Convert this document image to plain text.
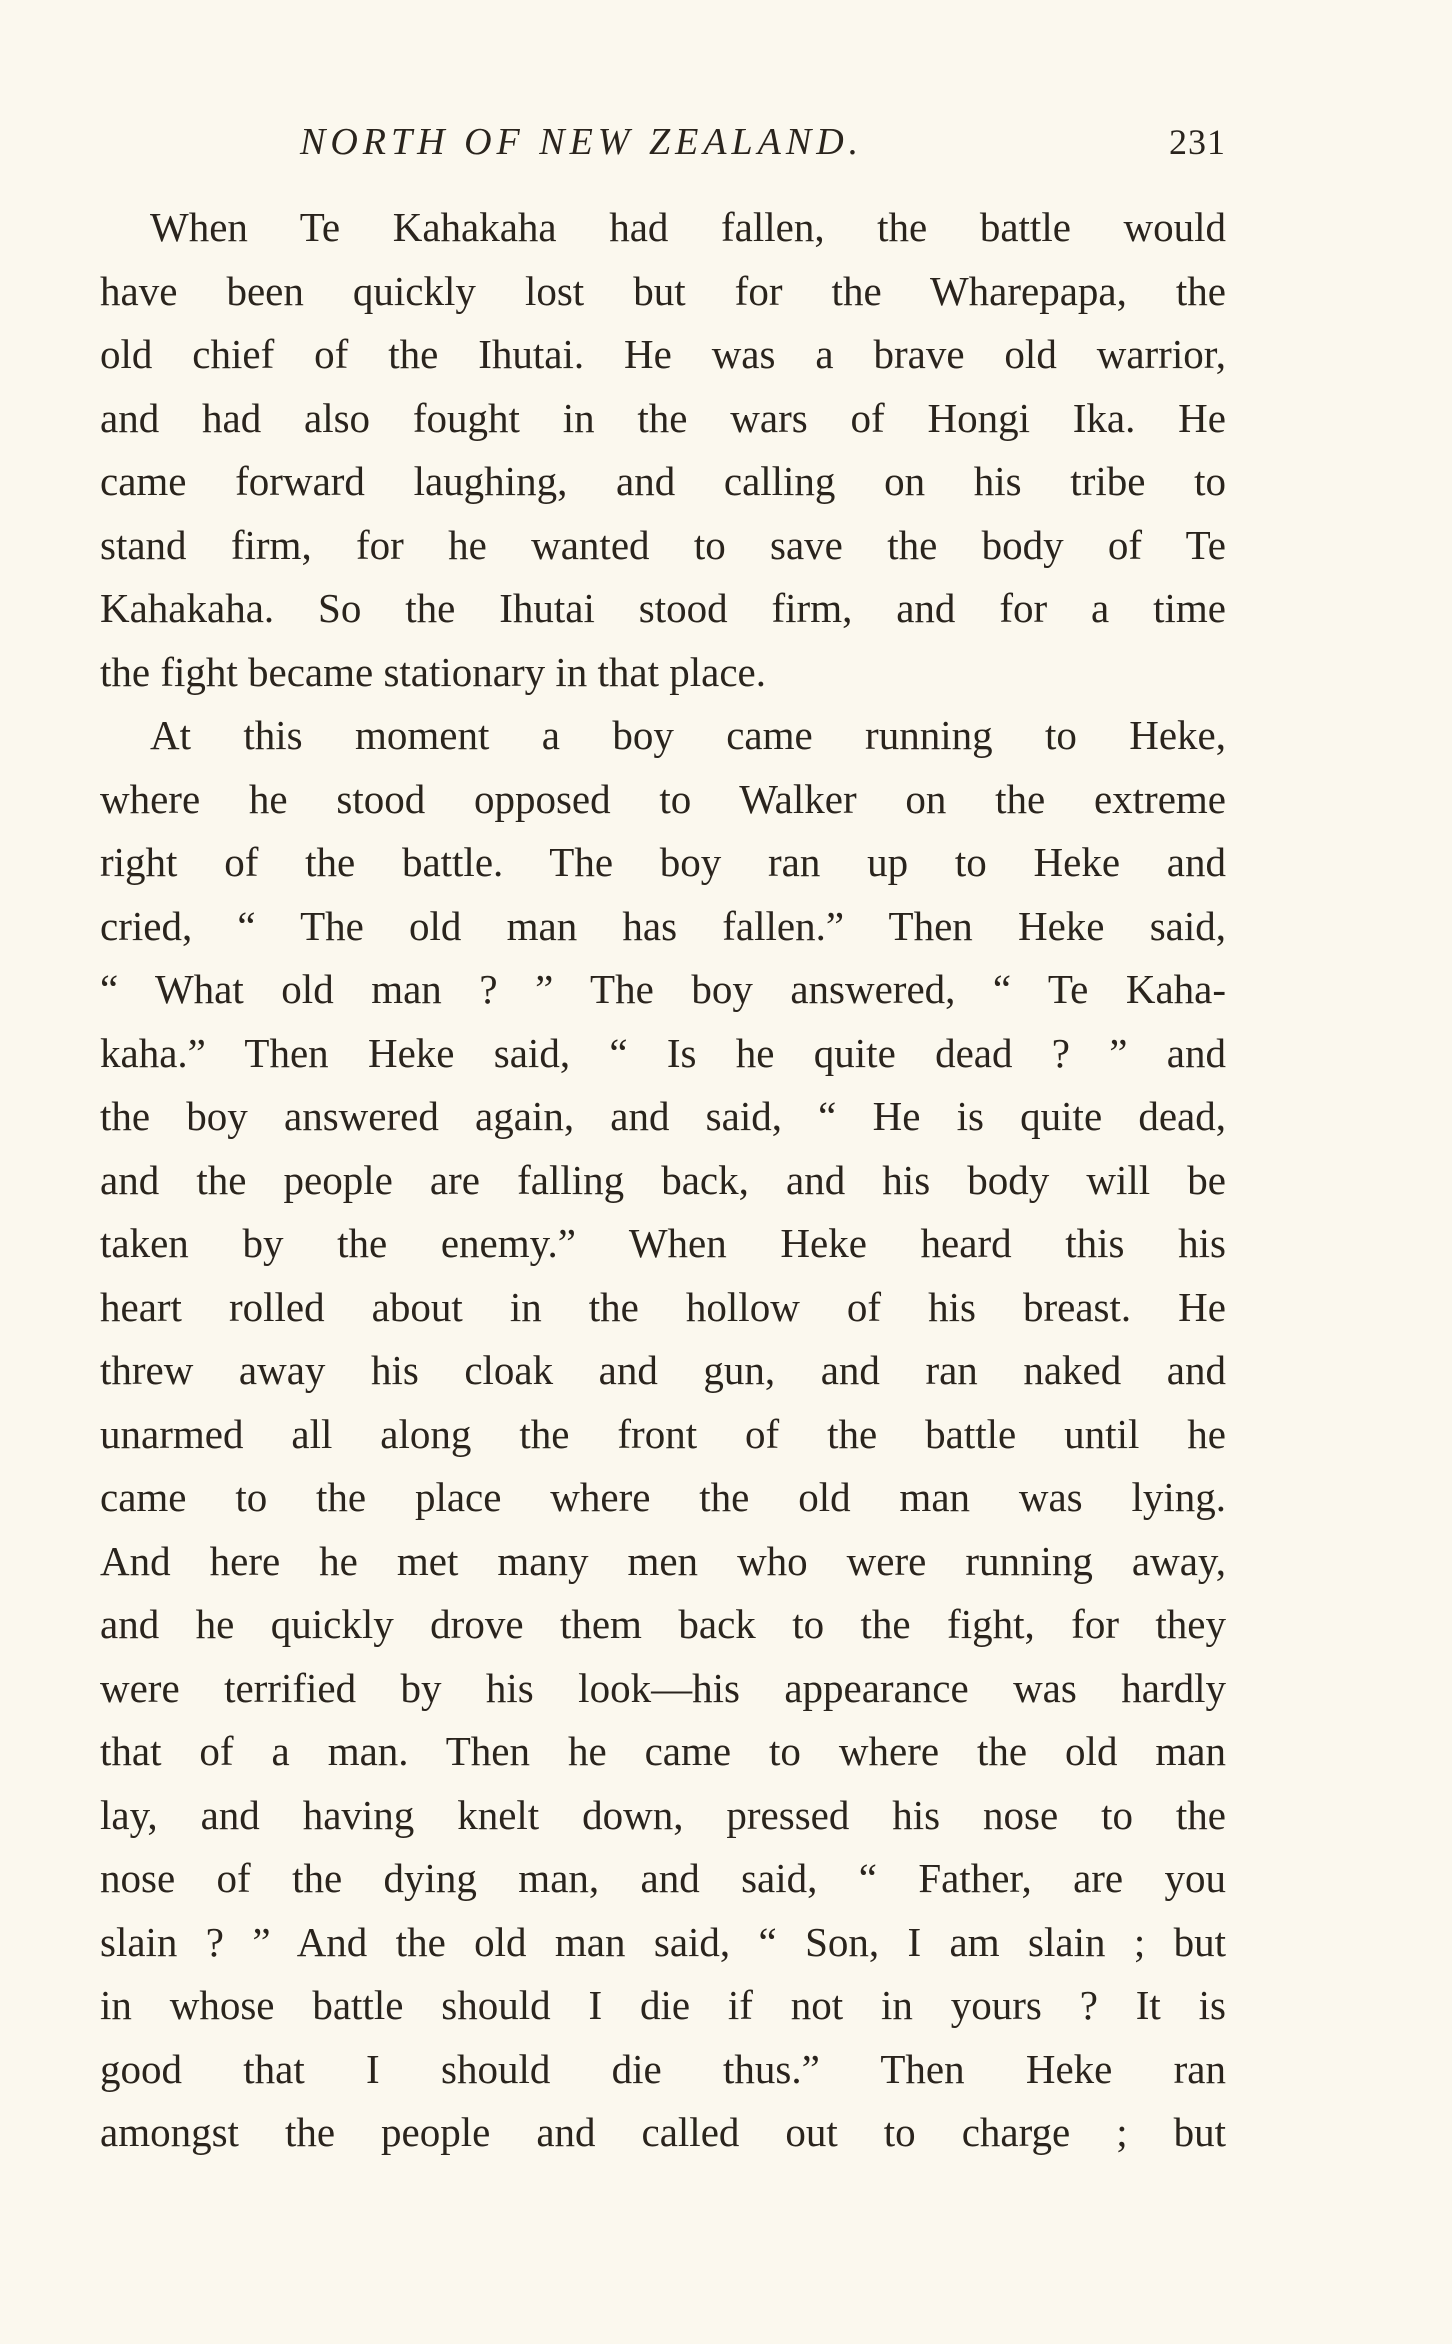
NORTH OF NEW ZEALAND.	231
When Te Kahakaha had fallen, the battle would
have been quickly lost but for the Wharepapa, the
old chief of the Ihutai. He was a brave old warrior,
and had also fought in the wars of Hongi Ika. He
came forward laughing, and calling on his tribe to
stand firm, for he wanted to save the body of Te
Kahakaha. So the Ihutai stood firm, and for a time
the fight became stationary in that place.
At this moment a boy came running to Heke,
where he stood opposed to Walker on the extreme
right of the battle. The boy ran up to Heke and
cried, “ The old man has fallen.” Then Heke said,
“ What old man ? ” The boy answered, “ Te Kaha-
kaha.” Then Heke said, “ Is he quite dead ? ” and
the boy answered again, and said, “ He is quite dead,
and the people are falling back, and his body will be
taken by the enemy.” When Heke heard this his
heart rolled about in the hollow of his breast. He
threw away his cloak and gun, and ran naked and
unarmed all along the front of the battle until he
came to the place where the old man was lying.
And here he met many men who were running away,
and he quickly drove them back to the fight, for they
were terrified by his look—his appearance was hardly
that of a man. Then he came to where the old man
lay, and having knelt down, pressed his nose to the
nose of the dying man, and said, “ Father, are you
slain ? ” And the old man said, “ Son, I am slain ; but
in whose battle should I die if not in yours ? It is
good that I should die thus.” Then Heke ran
amongst the people and called out to charge ; but
